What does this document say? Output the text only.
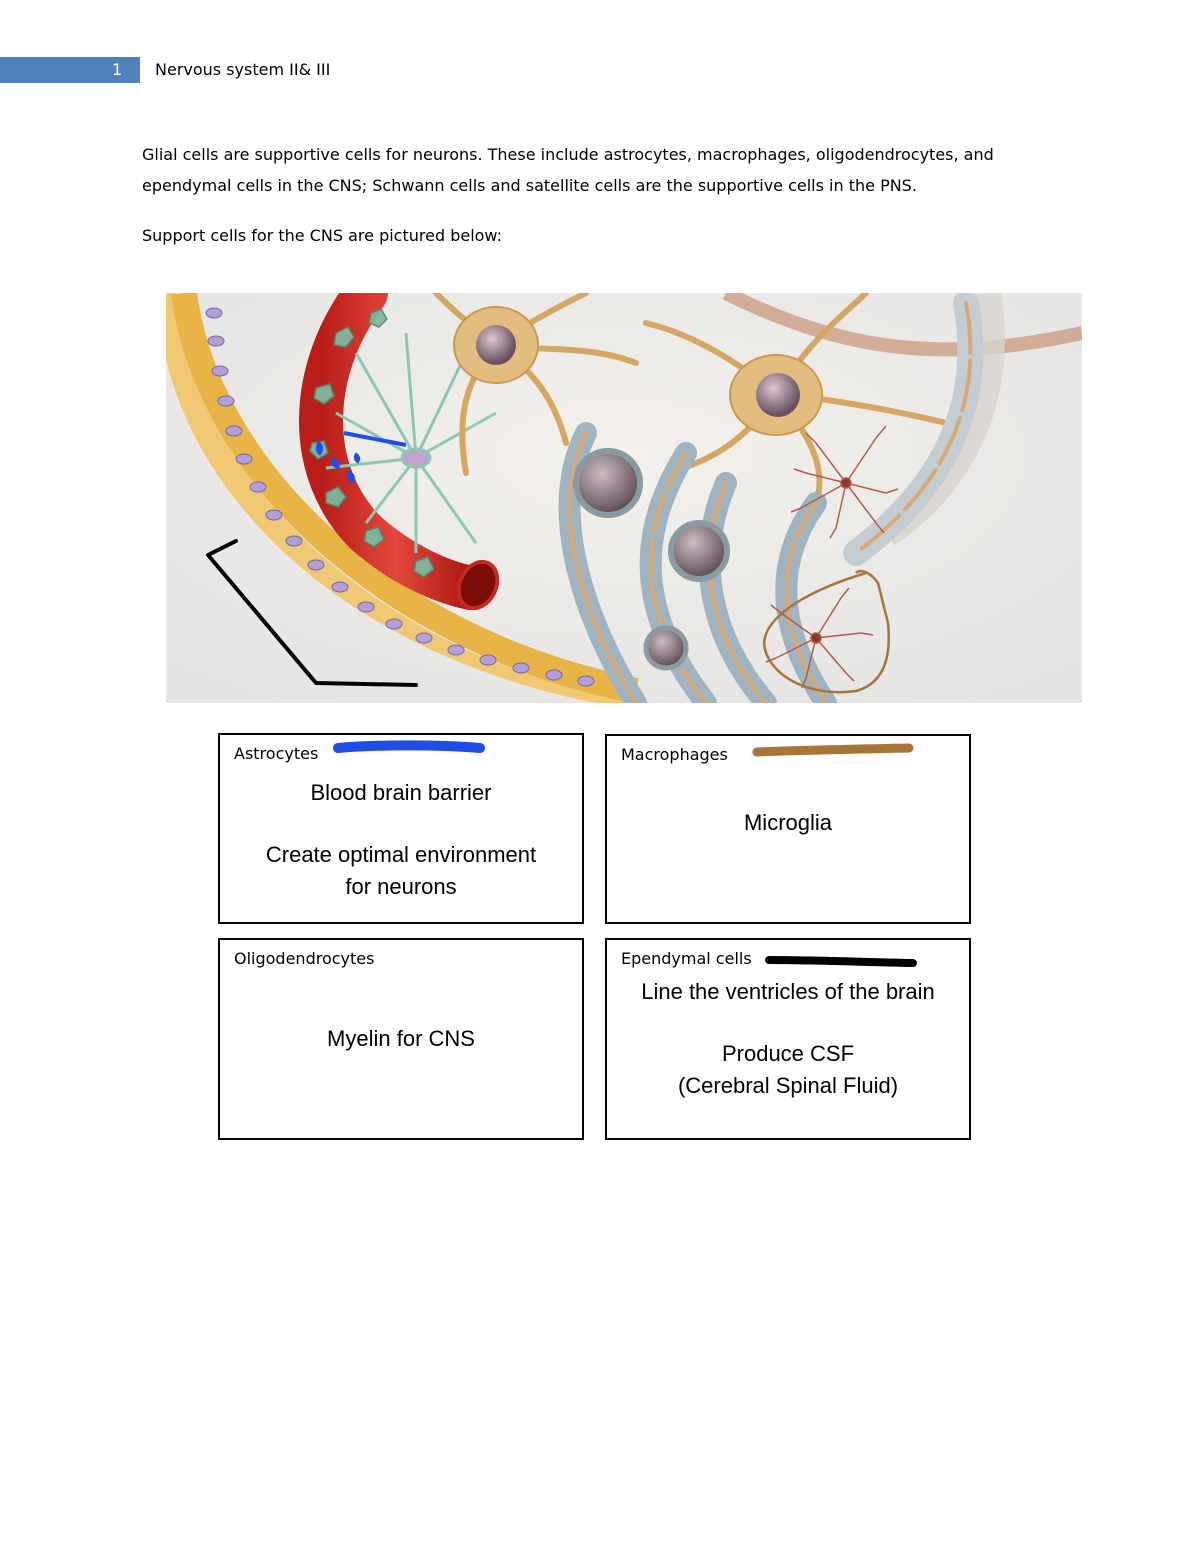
1	Nervous system II& III
Glial cells are supportive cells for neurons. These include astrocytes, macrophages, oligodendrocytes, and ependymal cells in the CNS; Schwann cells and satellite cells are the supportive cells in the PNS.
Support cells for the CNS are pictured below:
Astrocytes
Blood brain barrier
Create optimal environment
for neurons
Macrophages
Microglia
Oligodendrocytes
Myelin for CNS
Ependymal cells
Line the ventricles of the brain
Produce CSF
(Cerebral Spinal Fluid)
